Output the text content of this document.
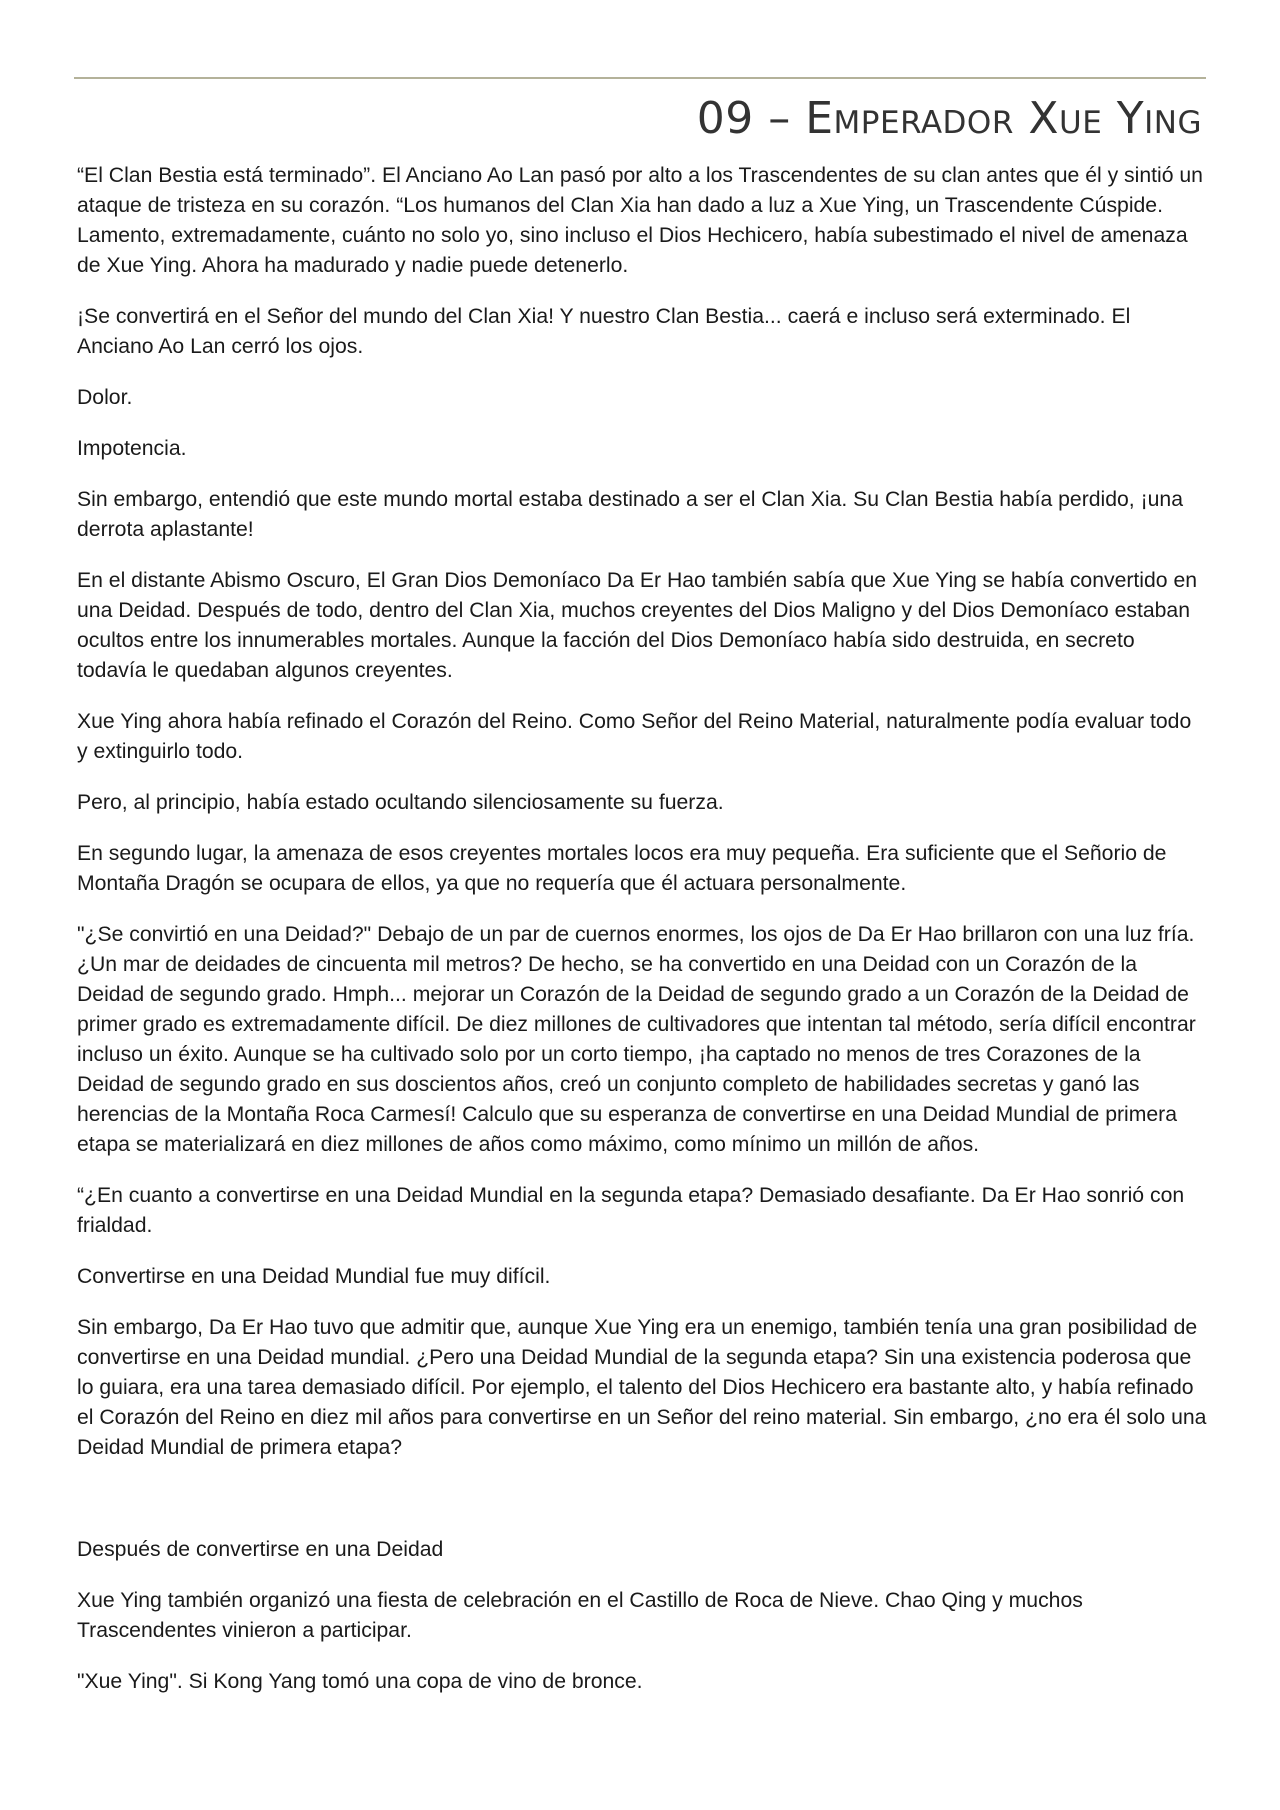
09 – Emperador Xue Ying

“El Clan Bestia está terminado”. El Anciano Ao Lan pasó por alto a los Trascendentes de su clan antes que él y sintió un ataque de tristeza en su corazón. “Los humanos del Clan Xia han dado a luz a Xue Ying, un Trascendente Cúspide. Lamento, extremadamente, cuánto no solo yo, sino incluso el Dios Hechicero, había subestimado el nivel de amenaza de Xue Ying. Ahora ha madurado y nadie puede detenerlo.

¡Se convertirá en el Señor del mundo del Clan Xia! Y nuestro Clan Bestia... caerá e incluso será exterminado. El Anciano Ao Lan cerró los ojos.

Dolor.

Impotencia.

Sin embargo, entendió que este mundo mortal estaba destinado a ser el Clan Xia. Su Clan Bestia había perdido, ¡una derrota aplastante!

En el distante Abismo Oscuro, El Gran Dios Demoníaco Da Er Hao también sabía que Xue Ying se había convertido en una Deidad. Después de todo, dentro del Clan Xia, muchos creyentes del Dios Maligno y del Dios Demoníaco estaban ocultos entre los innumerables mortales. Aunque la facción del Dios Demoníaco había sido destruida, en secreto todavía le quedaban algunos creyentes.

Xue Ying ahora había refinado el Corazón del Reino. Como Señor del Reino Material, naturalmente podía evaluar todo y extinguirlo todo.

Pero, al principio, había estado ocultando silenciosamente su fuerza.

En segundo lugar, la amenaza de esos creyentes mortales locos era muy pequeña. Era suficiente que el Señorio de Montaña Dragón se ocupara de ellos, ya que no requería que él actuara personalmente.

"¿Se convirtió en una Deidad?" Debajo de un par de cuernos enormes, los ojos de Da Er Hao brillaron con una luz fría. ¿Un mar de deidades de cincuenta mil metros? De hecho, se ha convertido en una Deidad con un Corazón de la Deidad de segundo grado. Hmph... mejorar un Corazón de la Deidad de segundo grado a un Corazón de la Deidad de primer grado es extremadamente difícil. De diez millones de cultivadores que intentan tal método, sería difícil encontrar incluso un éxito. Aunque se ha cultivado solo por un corto tiempo, ¡ha captado no menos de tres Corazones de la Deidad de segundo grado en sus doscientos años, creó un conjunto completo de habilidades secretas y ganó las herencias de la Montaña Roca Carmesí! Calculo que su esperanza de convertirse en una Deidad Mundial de primera etapa se materializará en diez millones de años como máximo, como mínimo un millón de años.

“¿En cuanto a convertirse en una Deidad Mundial en la segunda etapa? Demasiado desafiante. Da Er Hao sonrió con frialdad.

Convertirse en una Deidad Mundial fue muy difícil.

Sin embargo, Da Er Hao tuvo que admitir que, aunque Xue Ying era un enemigo, también tenía una gran posibilidad de convertirse en una Deidad mundial. ¿Pero una Deidad Mundial de la segunda etapa? Sin una existencia poderosa que lo guiara, era una tarea demasiado difícil. Por ejemplo, el talento del Dios Hechicero era bastante alto, y había refinado el Corazón del Reino en diez mil años para convertirse en un Señor del reino material. Sin embargo, ¿no era él solo una Deidad Mundial de primera etapa?

Después de convertirse en una Deidad

Xue Ying también organizó una fiesta de celebración en el Castillo de Roca de Nieve. Chao Qing y muchos Trascendentes vinieron a participar.

"Xue Ying". Si Kong Yang tomó una copa de vino de bronce.
